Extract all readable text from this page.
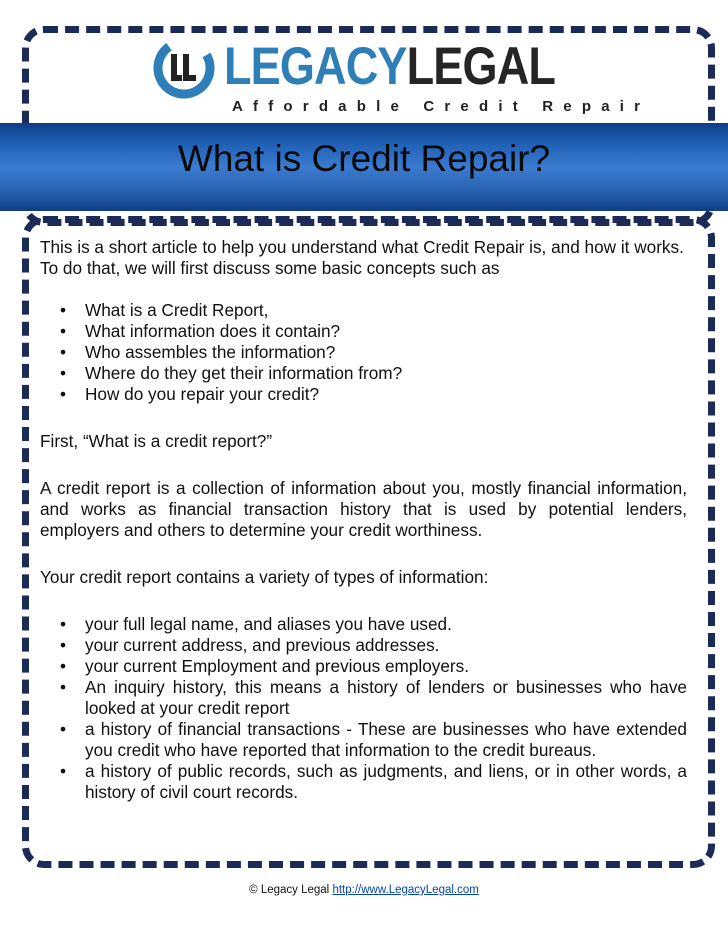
LEGACYLEGAL
Affordable Credit Repair
What is Credit Repair?

This is a short article to help you understand what Credit Repair is, and how it works. To do that, we will first discuss some basic concepts such as

• What is a Credit Report,
• What information does it contain?
• Who assembles the information?
• Where do they get their information from?
• How do you repair your credit?

First, “What is a credit report?”

A credit report is a collection of information about you, mostly financial information, and works as financial transaction history that is used by potential lenders, employers and others to determine your credit worthiness.

Your credit report contains a variety of types of information:

• your full legal name, and aliases you have used.
• your current address, and previous addresses.
• your current Employment and previous employers.
• An inquiry history, this means a history of lenders or businesses who have looked at your credit report
• a history of financial transactions - These are businesses who have extended you credit who have reported that information to the credit bureaus.
• a history of public records, such as judgments, and liens, or in other words, a history of civil court records.
© Legacy Legal http://www.LegacyLegal.com
